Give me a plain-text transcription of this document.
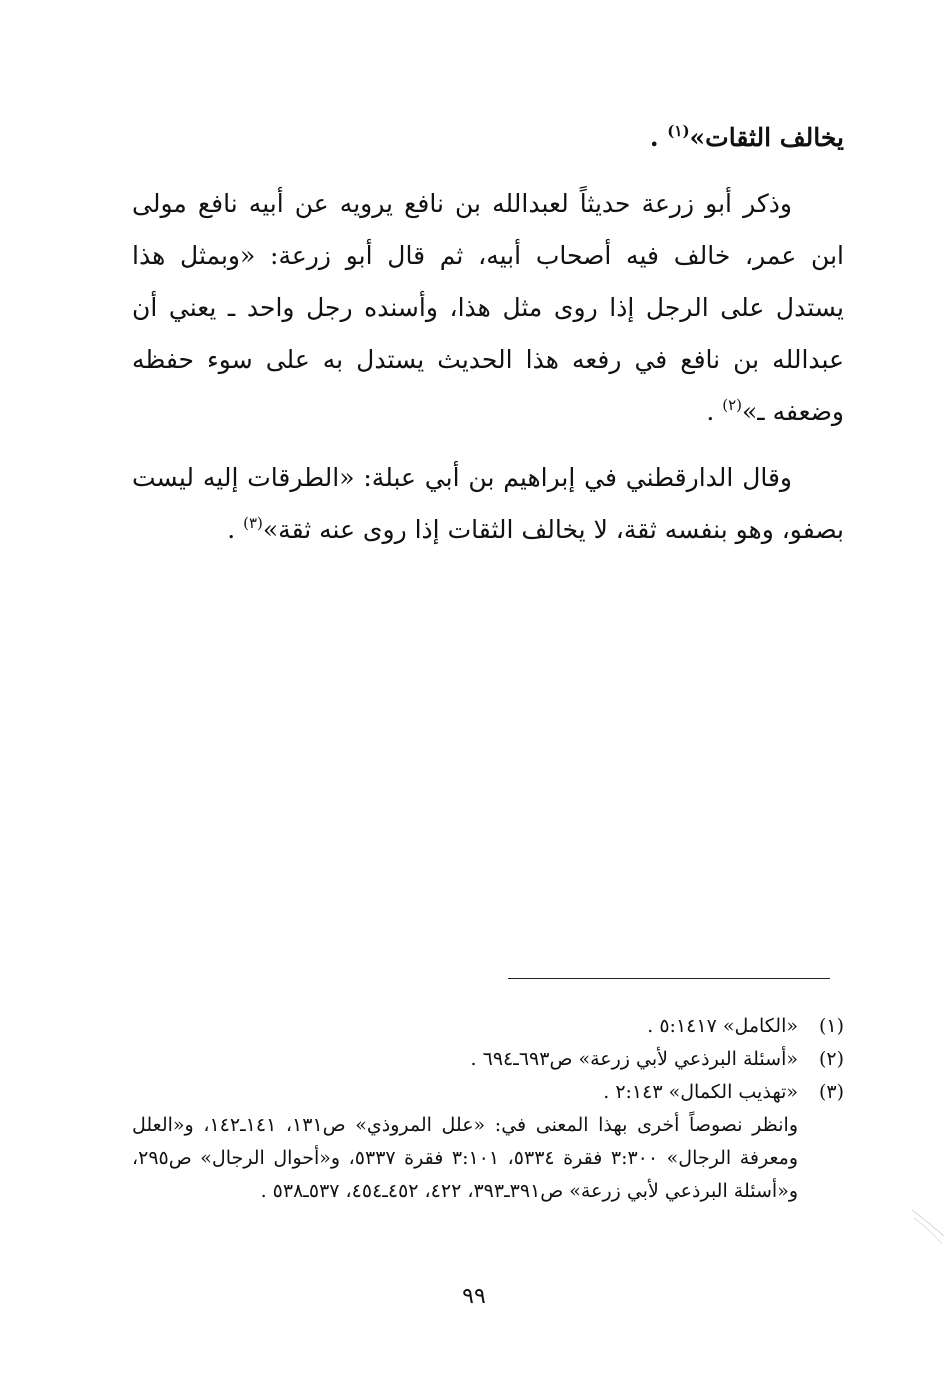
يخالف الثقات»$^{(١)}$ .

وذكر أبو زرعة حديثاً لعبدالله بن نافع يرويه عن أبيه نافع مولى ابن عمر، خالف فيه أصحاب أبيه، ثم قال أبو زرعة: «وبمثل هذا يستدل على الرجل إذا روى مثل هذا، وأسنده رجل واحد ـ يعني أن عبدالله بن نافع في رفعه هذا الحديث يستدل به على سوء حفظه وضعفه ـ»$^{(٢)}$ .

وقال الدارقطني في إبراهيم بن أبي عبلة: «الطرقات إليه ليست بصفو، وهو بنفسه ثقة، لا يخالف الثقات إذا روى عنه ثقة»$^{(٣)}$ .

(١)
«الكامل» ٥:١٤١٧ .
(٢)
«أسئلة البرذعي لأبي زرعة» ص٦٩٣ـ٦٩٤ .
(٣)
«تهذيب الكمال» ٢:١٤٣ .
وانظر نصوصاً أخرى بهذا المعنى في: «علل المروذي» ص١٣١، ١٤١ـ١٤٢، و«العلل ومعرفة الرجال» ٣:٣٠٠ فقرة ٥٣٣٤، ٣:١٠١ فقرة ٥٣٣٧، و«أحوال الرجال» ص٢٩٥، و«أسئلة البرذعي لأبي زرعة» ص٣٩١ـ٣٩٣، ٤٢٢، ٤٥٢ـ٤٥٤، ٥٣٧ـ٥٣٨ .
٩٩
